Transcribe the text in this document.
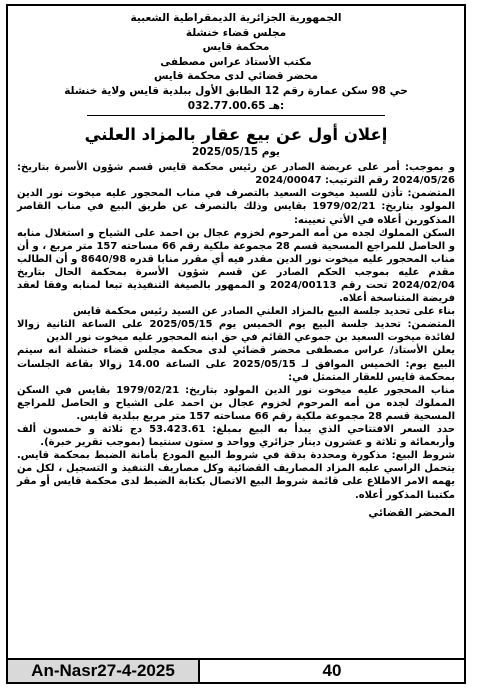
الجمهورية الجزائرية الديمقراطية الشعبية
مجلس قضاء خنشلة
محكمة قايس
مكتب الأستاذ عراس مصطفى
محضر قضائي لدى محكمة قايس
حي 98 سكن عمارة رقم 12 الطابق الأول ببلدية قايس ولاية خنشلة
032.77.00.65 هـ:
إعلان أول عن بيع عقار بالمزاد العلني
يوم 2025/05/15

و بموجب: أمر على عريضة الصادر عن رئيس محكمة قايس قسم شؤون الأسرة بتاريخ: 2024/05/26 رقم الترتيب: 2024/00047

المتضمن: تأذن للسيد ميخوت السعيد بالتصرف في مناب المحجور عليه ميخوت نور الدين المولود بتاريخ: 1979/02/21 بقايس وذلك بالتصرف عن طريق البيع في مناب القاصر المذكورين أعلاه في الأتي تعيينه:

السكن المملوك لجده من أمه المرحوم لخزوم عجال بن احمد على الشياح و استغلال منابه و الحاصل للمراجع المسحية قسم 28 مجموعة ملكية رقم 66 مساحته 157 متر مربع ، و أن مناب المحجور عليه ميخوت نور الدين مقدر فيه أي مقرر منابا قدره 8640/98 و أن الطالب مقدم عليه بموجب الحكم الصادر عن قسم شؤون الأسرة بمحكمة الحال بتاريخ 2024/02/04 تحت رقم 2024/00113 و الممهور بالصيغة التنفيذية تبعا لمنابه وفقا لعقد فريضة المتناسخة أعلاه.

بناء على تحديد جلسة البيع بالمزاد العلني الصادر عن السيد رئيس محكمة قايس

المتضمن: تحديد جلسة البيع يوم الخميس يوم 2025/05/15 على الساعة الثانية زوالا لفائدة ميخوت السعيد بن جموعي القائم في حق ابنه المحجور عليه ميخوت نور الدين

يعلن الأستاذ/ عراس مصطفى محضر قضائي لدى محكمة مجلس قضاء خنشلة انه سيتم البيع يوم: الخميس الموافق لـ 2025/05/15 على الساعة 14.00 زوالا بقاعة الجلسات بمحكمة قايس للعقار المتمثل في:

مناب المحجور عليه ميخوت نور الدين المولود بتاريخ: 1979/02/21 بقايس في السكن المملوك لجده من أمه المرحوم لخزوم عجال بن احمد على الشياح و الحاصل للمراجع المسحية قسم 28 مجموعة ملكية رقم 66 مساحته 157 متر مربع ببلدية قايس.

حدد السعر الافتتاحي الذي يبدأ به البيع بمبلغ: 53.423.61 دج ثلاثة و خمسون ألف وأربعمائة و ثلاثة و عشرون دينار جزائري وواحد و ستون سنتيما (بموجب تقرير خبرة).

شروط البيع: مذكورة ومحددة بدقة في شروط البيع المودع بأمانة الضبط بمحكمة قايس. يتحمل الراسي عليه المزاد المصاريف القضائية وكل مصاريف التنفيذ و التسجيل ، لكل من يهمه الامر الاطلاع على قائمة شروط البيع الاتصال بكتابة الضبط لدى محكمة قايس أو مقر مكتبنا المذكور أعلاه.

المحضر القضائي
An-Nasr27-4-2025	40
